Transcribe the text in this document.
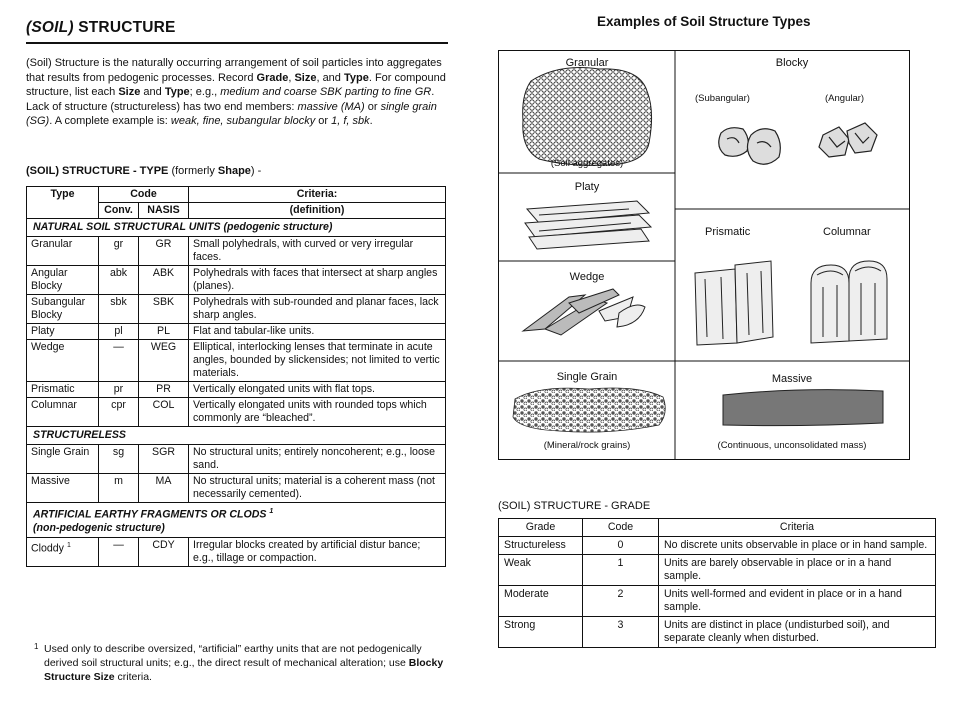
(SOIL) STRUCTURE
(Soil) Structure is the naturally occurring arrangement of soil particles into aggregates that results from pedogenic processes. Record Grade, Size, and Type. For compound structure, list each Size and Type; e.g., medium and coarse SBK parting to fine GR. Lack of structure (structureless) has two end members: massive (MA) or single grain (SG). A complete example is: weak, fine, subangular blocky or 1, f, sbk.
(SOIL) STRUCTURE - TYPE (formerly Shape) -
Type	Code		Criteria:
	Conv.	NASIS	(definition)
NATURAL SOIL STRUCTURAL UNITS (pedogenic structure)			
Granular	gr	GR	Small polyhedrals, with curved or very irregular faces.
Angular Blocky	abk	ABK	Polyhedrals with faces that intersect at sharp angles (planes).
Subangular Blocky	sbk	SBK	Polyhedrals with sub-rounded and planar faces, lack sharp angles.
Platy	pl	PL	Flat and tabular-like units.
Wedge	—	WEG	Elliptical, interlocking lenses that terminate in acute angles, bounded by slickensides; not limited to vertic materials.
Prismatic	pr	PR	Vertically elongated units with flat tops.
Columnar	cpr	COL	Vertically elongated units with rounded tops which commonly are “bleached”.
STRUCTURELESS			
Single Grain	sg	SGR	No structural units; entirely noncoherent; e.g., loose sand.
Massive	m	MA	No structural units; material is a coherent mass (not necessarily cemented).
ARTIFICIAL EARTHY FRAGMENTS OR CLODS $^1$
(non-pedogenic structure)			
Cloddy $^1$	—	CDY	Irregular blocks created by artificial distur bance; e.g., tillage or compaction.
1 Used only to describe oversized, “artificial” earthy units that are not pedogenically derived soil structural units; e.g., the direct result of mechanical alteration; use Blocky Structure Size criteria.
Examples of Soil Structure Types
Granular
(Soil aggregates)
Blocky
(Subangular)	(Angular)
Platy
Wedge
Prismatic	Columnar
Single Grain
(Mineral/rock grains)
Massive
(Continuous, unconsolidated mass)
(SOIL) STRUCTURE - GRADE
Grade	Code	Criteria
Structureless	0	No discrete units observable in place or in hand sample.
Weak	1	Units are barely observable in place or in a hand sample.
Moderate	2	Units well-formed and evident in place or in a hand sample.
Strong	3	Units are distinct in place (undisturbed soil), and separate cleanly when disturbed.
